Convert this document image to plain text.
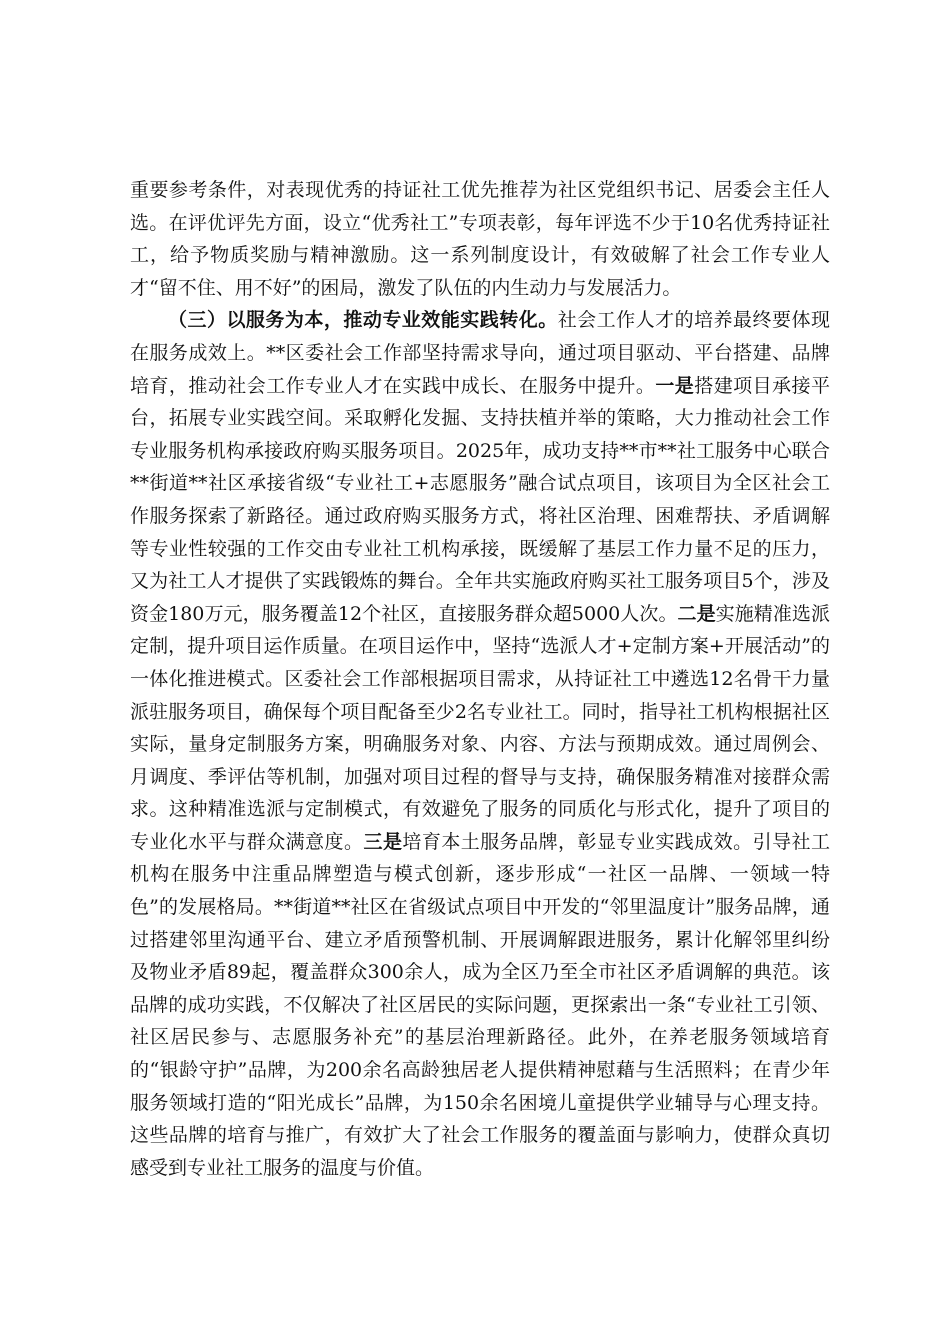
重要参考条件，对表现优秀的持证社工优先推荐为社区党组织书记、居委会主任人选。在评优评先方面，设立“优秀社工”专项表彰，每年评选不少于10名优秀持证社工，给予物质奖励与精神激励。这一系列制度设计，有效破解了社会工作专业人才“留不住、用不好”的困局，激发了队伍的内生动力与发展活力。

（三）以服务为本，推动专业效能实践转化。社会工作人才的培养最终要体现在服务成效上。**区委社会工作部坚持需求导向，通过项目驱动、平台搭建、品牌培育，推动社会工作专业人才在实践中成长、在服务中提升。一是搭建项目承接平台，拓展专业实践空间。采取孵化发掘、支持扶植并举的策略，大力推动社会工作专业服务机构承接政府购买服务项目。2025年，成功支持**市**社工服务中心联合**街道**社区承接省级“专业社工+志愿服务”融合试点项目，该项目为全区社会工作服务探索了新路径。通过政府购买服务方式，将社区治理、困难帮扶、矛盾调解等专业性较强的工作交由专业社工机构承接，既缓解了基层工作力量不足的压力，又为社工人才提供了实践锻炼的舞台。全年共实施政府购买社工服务项目5个，涉及资金180万元，服务覆盖12个社区，直接服务群众超5000人次。二是实施精准选派定制，提升项目运作质量。在项目运作中，坚持“选派人才+定制方案+开展活动”的一体化推进模式。区委社会工作部根据项目需求，从持证社工中遴选12名骨干力量派驻服务项目，确保每个项目配备至少2名专业社工。同时，指导社工机构根据社区实际，量身定制服务方案，明确服务对象、内容、方法与预期成效。通过周例会、月调度、季评估等机制，加强对项目过程的督导与支持，确保服务精准对接群众需求。这种精准选派与定制模式，有效避免了服务的同质化与形式化，提升了项目的专业化水平与群众满意度。三是培育本土服务品牌，彰显专业实践成效。引导社工机构在服务中注重品牌塑造与模式创新，逐步形成“一社区一品牌、一领域一特色”的发展格局。**街道**社区在省级试点项目中开发的“邻里温度计”服务品牌，通过搭建邻里沟通平台、建立矛盾预警机制、开展调解跟进服务，累计化解邻里纠纷及物业矛盾89起，覆盖群众300余人，成为全区乃至全市社区矛盾调解的典范。该品牌的成功实践，不仅解决了社区居民的实际问题，更探索出一条“专业社工引领、社区居民参与、志愿服务补充”的基层治理新路径。此外，在养老服务领域培育的“银龄守护”品牌，为200余名高龄独居老人提供精神慰藉与生活照料；在青少年服务领域打造的“阳光成长”品牌，为150余名困境儿童提供学业辅导与心理支持。这些品牌的培育与推广，有效扩大了社会工作服务的覆盖面与影响力，使群众真切感受到专业社工服务的温度与价值。
